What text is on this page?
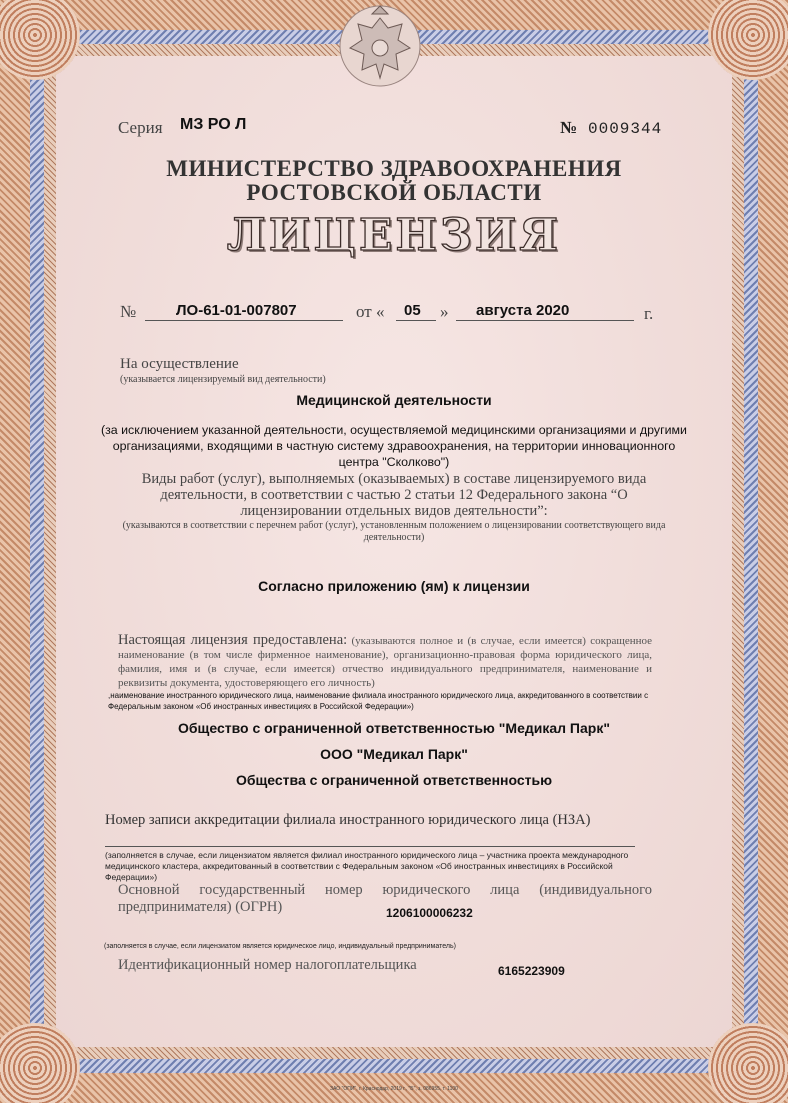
Серия МЗ РО Л	№ 0009344
МИНИСТЕРСТВО ЗДРАВООХРАНЕНИЯ
РОСТОВСКОЙ ОБЛАСТИ
ЛИЦЕНЗИЯ
№	ЛО-61-01-007807	от « 05 » августа 2020	г.
На осуществление
(указывается лицензируемый вид деятельности)
Медицинской деятельности
(за исключением указанной деятельности, осуществляемой медицинскими организациями и другими организациями, входящими в частную систему здравоохранения, на территории инновационного центра "Сколково")
Виды работ (услуг), выполняемых (оказываемых) в составе лицензируемого вида деятельности, в соответствии с частью 2 статьи 12 Федерального закона “О лицензировании отдельных видов деятельности”:
(указываются в соответствии с перечнем работ (услуг), установленным положением о лицензировании соответствующего вида деятельности)
Согласно приложению (ям) к лицензии
Настоящая лицензия предоставлена: (указываются полное и (в случае, если имеется) сокращенное наименование (в том числе фирменное наименование), организационно-правовая форма юридического лица, фамилия, имя и (в случае, если имеется) отчество индивидуального предпринимателя, наименование и реквизиты документа, удостоверяющего его личность)
,наименование иностранного юридического лица, наименование филиала иностранного юридического лица, аккредитованного в соответствии с Федеральным законом «Об иностранных инвестициях в Российской Федерации»)
Общество с ограниченной ответственностью "Медикал Парк"
ООО "Медикал Парк"
Общества с ограниченной ответственностью
Номер записи аккредитации филиала иностранного юридического лица (НЗА)
(заполняется в случае, если лицензиатом является филиал иностранного юридического лица – участника проекта международного медицинского кластера, аккредитованный в соответствии с Федеральным законом «Об иностранных инвестициях в Российской Федерации»)
Основной государственный номер юридического лица (индивидуального предпринимателя) (ОГРН)	1206100006232
(заполняется в случае, если лицензиатом является юридическое лицо, индивидуальный предприниматель)
Идентификационный номер налогоплательщика	6165223909
ЗАО "ОПИ", г. Краснодар, 2019 г., "Б", з. 086955, т. 1100
